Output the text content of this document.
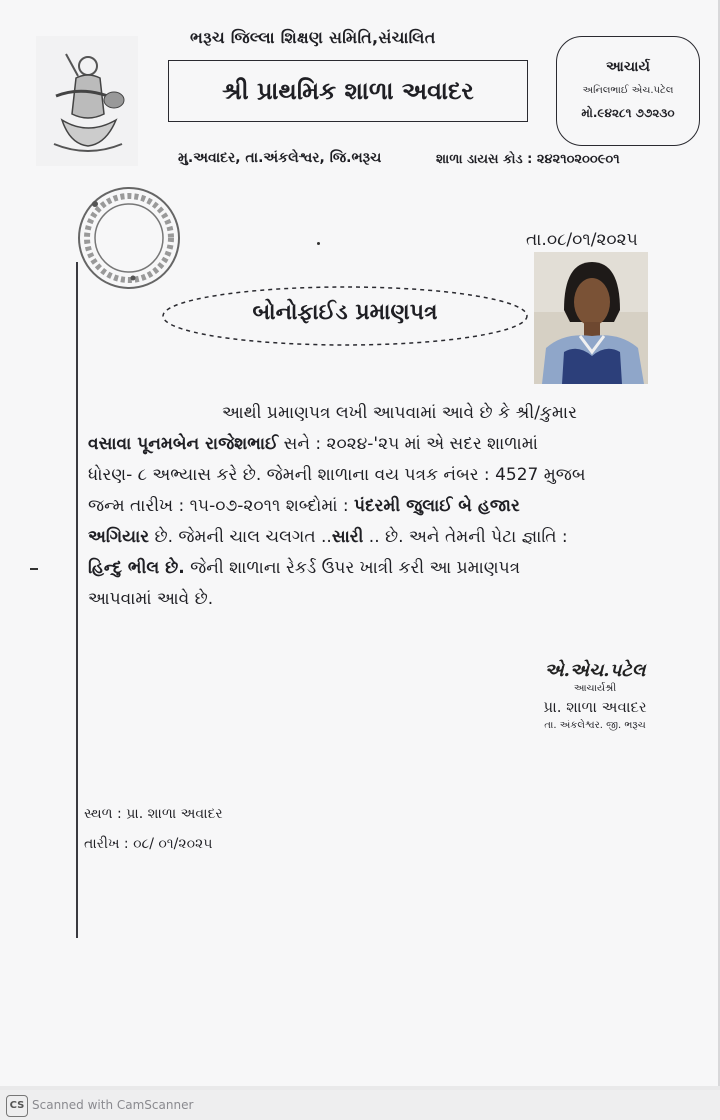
ભરૂચ જિલ્લા શિક્ષણ સમિતિ,સંચાલિત
શ્રી પ્રાથમિક શાળા અવાદર
મુ.અવાદર, તા.અંકલેશ્વર, જિ.ભરૂચ	શાળા ડાયસ કોડ : ૨૪૨૧૦૨૦૦૯૦૧
આચાર્ય
અનિલભાઈ એચ.પટેલ
મો.૯૪૨૮૧ ૭૭૨૩૦
તા.૦૮/૦૧/૨૦૨૫
બોનોફાઈડ પ્રમાણપત્ર

આથી પ્રમાણપત્ર લખી આપવામાં આવે છે કે શ્રી/કુમાર

વસાવા પૂનમબેન રાજેશભાઈ સને : ૨૦૨૪-'૨૫ માં એ સદર શાળામાં

ધોરણ- ૮ અભ્યાસ કરે છે. જેમની શાળાના વય પત્રક નંબર : 4527 મુજબ

જન્મ તારીખ : ૧૫-૦૭-૨૦૧૧ શબ્દોમાં : પંદરમી જુલાઈ બે હજાર

અગિયાર છે. જેમની ચાલ ચલગત ..સારી .. છે. અને તેમની પેટા જ્ઞાતિ :

હિન્દુ ભીલ છે. જેની શાળાના રેકર્ડ ઉપર ખાત્રી કરી આ પ્રમાણપત્ર

આપવામાં આવે છે.

એ.એચ.પટેલ
આચાર્યશ્રી
પ્રા. શાળા અવાદર
તા. અંકલેશ્વર. જી. ભરૂચ
સ્થળ : પ્રા. શાળા અવાદર
તારીખ : ૦૮/ ૦૧/૨૦૨૫
CS Scanned with CamScanner
